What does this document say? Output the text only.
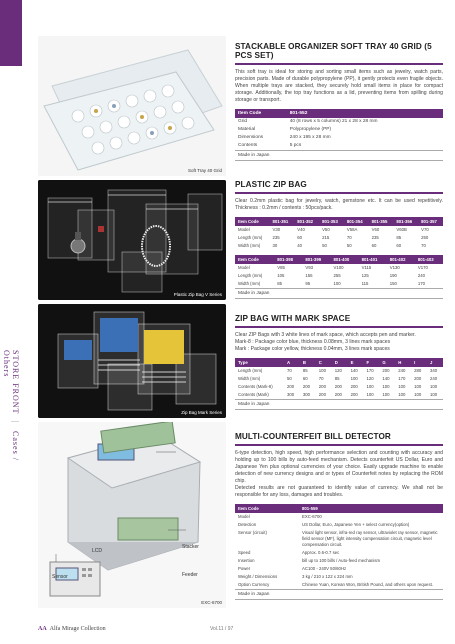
STORE FRONT | Cases / Others
Soft Tray 40 Grid
Plastic Zip Bag V Series
Zip Bag Mark Series
LCD
Stacker
Feeder
Sensor
EXC-6700
STACKABLE ORGANIZER SOFT TRAY 40 GRID (5 PCS SET)

This soft tray is ideal for storing and sorting small items such as jewelry, watch parts, precision parts. Made of durable polypropylene (PP), it gently protects even fragile objects. When multiple trays are stacked, they securely hold small items in place for compact storage. Additionally, the top tray functions as a lid, preventing items from spilling during storage or transport.

Item Code	801-552
Grid	40 (8 rows x 5 columns) 21 x 28 x 28 mm
Material	Polypropylene (PP)
Dimensions	240 x 195 x 28 mm
Contents	5 pcs
Made in Japan
PLASTIC ZIP BAG

Clear 0.2mm plastic bag for jewelry, watch, gemstone etc. It can be used repetitively. Thickness : 0.2mm / contents : 50pcs/pack.

Item Code	801-351	801-352	801-353	801-354	801-355	801-356	801-357
Model	V30	V40	V50	V58A	V60	V60B	V70
Length (mm)	235	60	215	70	235	85	250
Width (mm)	30	40	50	50	60	60	70
Item Code	801-398	801-399	801-400	801-401	801-402	801-403
Model	V85	V93	V100	V115	V130	V170
Length (mm)	105	155	255	125	190	240
Width (mm)	85	95	100	115	150	170
Made in Japan
ZIP BAG WITH MARK SPACE

Clear ZIP Bags with 3 white lines of mark space, which accepts pen and marker.

Mark-8 : Package color blue, thickness 0.08mm, 3 lines mark spaces

Mark : Package color yellow, thickness 0.04mm, 3 lines mark spaces

Type	A	B	C	D	E	F	G	H	I	J
Length (mm)	70	85	100	120	140	170	200	240	280	340
Width (mm)	50	60	70	85	100	120	140	170	200	240
Contents (Mark-8)	200	200	200	200	200	100	100	100	100	100
Contents (Mark)	300	300	200	200	200	100	100	100	100	100
Made in Japan
MULTI-COUNTERFEIT BILL DETECTOR

6-type detection, high speed, high performance selection and counting with accuracy and holding up to 100 bills by auto-feed mechanism. Detects counterfeit US Dollar, Euro and Japanese Yen plus optional currencies of your choice. Easily upgrade machine to enable detection of new currency designs and or types of Counterfeit notes by replacing the ROM chip.

Detected results are not guaranteed to identify value of currency. We shall not be responsible for any loss, damages and troubles.

Item Code	801-559
Model	EXC-6700
Detection	US Dollar, Euro, Japanese Yen + select currency(option)
Sensor (circuit)	Visual light sensor, infra-red ray sensor, ultraviolet ray sensor, magnetic field sensor (MF), light intensity compensation circuit, magnetic level compensation circuit.
Speed	Approx. 0.6-0.7 sec
Insertion	bill up to 100 bills / Auto-feed mechanism
Power	AC100 - 240V 50/60Hz
Weight / Dimensions	3 kg / 210 x 122 x 224 mm
Option Currency	Chinese Yuan, Korean Won, British Pound, and others upon request.
Made in Japan
AA Alfa Mirage Collection	Vol.11 / 97
